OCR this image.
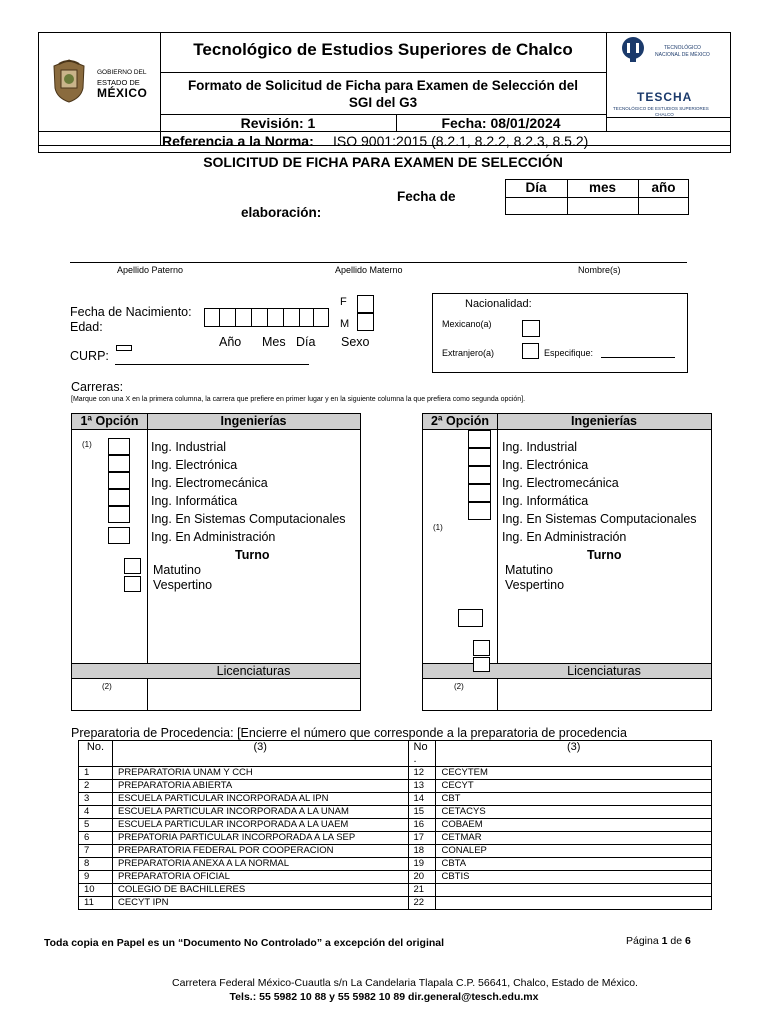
GOBIERNO DEL
ESTADO DE
MÉXICO
Tecnológico de Estudios Superiores de Chalco
Formato de Solicitud de Ficha para Examen de Selección del SGI del G3
Revisión: 1	Fecha: 08/01/2024
Referencia a la Norma: ISO 9001:2015 (8.2.1, 8.2.2, 8.2.3, 8.5.2)
TECNOLÓGICO
NACIONAL DE MÉXICO
TESCHA
TECNOLÓGICO DE ESTUDIOS SUPERIORES
CHALCO
SOLICITUD DE FICHA PARA EXAMEN DE SELECCIÓN
Fecha de
elaboración:
Día	mes	año
Apellido Paterno	Apellido Materno	Nombre(s)
Fecha de Nacimiento:
Edad:
CURP:
Año Mes Día
F
M
Sexo
Nacionalidad:
Mexicano(a)
Extranjero(a)	Especifique:
Carreras:
[Marque con una X en la primera columna, la carrera que prefiere en primer lugar y en la siguiente columna la que prefiera como segunda opción].
1ª Opción	Ingenierías
Licenciaturas
(1)
(2)
Ing. Industrial
Ing. Electrónica
Ing. Electromecánica
Ing. Informática
Ing. En Sistemas Computacionales
Ing. En Administración
Turno
Matutino
Vespertino
2ª Opción	Ingenierías
Licenciaturas
(1)
(2)
Ing. Industrial
Ing. Electrónica
Ing. Electromecánica
Ing. Informática
Ing. En Sistemas Computacionales
Ing. En Administración
Turno
Matutino
Vespertino
Preparatoria de Procedencia: [Encierre el número que corresponde a la preparatoria de procedencia
No.	(3)	No .	(3)
1	PREPARATORIA UNAM Y CCH	12	CECYTEM
2	PREPARATORIA ABIERTA	13	CECYT
3	ESCUELA PARTICULAR INCORPORADA AL IPN	14	CBT
4	ESCUELA PARTICULAR INCORPORADA A LA UNAM	15	CETACYS
5	ESCUELA PARTICULAR INCORPORADA A LA UAEM	16	COBAEM
6	PREPATORIA PARTICULAR INCORPORADA A LA SEP	17	CETMAR
7	PREPARATORIA FEDERAL POR COOPERACION	18	CONALEP
8	PREPARATORIA ANEXA A LA NORMAL	19	CBTA
9	PREPARATORIA OFICIAL	20	CBTIS
10	COLEGIO DE BACHILLERES	21	
11	CECYT IPN	22	
Toda copia en Papel es un “Documento No Controlado” a excepción del original	Página 1 de 6
Carretera Federal México-Cuautla s/n La Candelaria Tlapala C.P. 56641, Chalco, Estado de México.
Tels.: 55 5982 10 88 y 55 5982 10 89 dir.general@tesch.edu.mx
